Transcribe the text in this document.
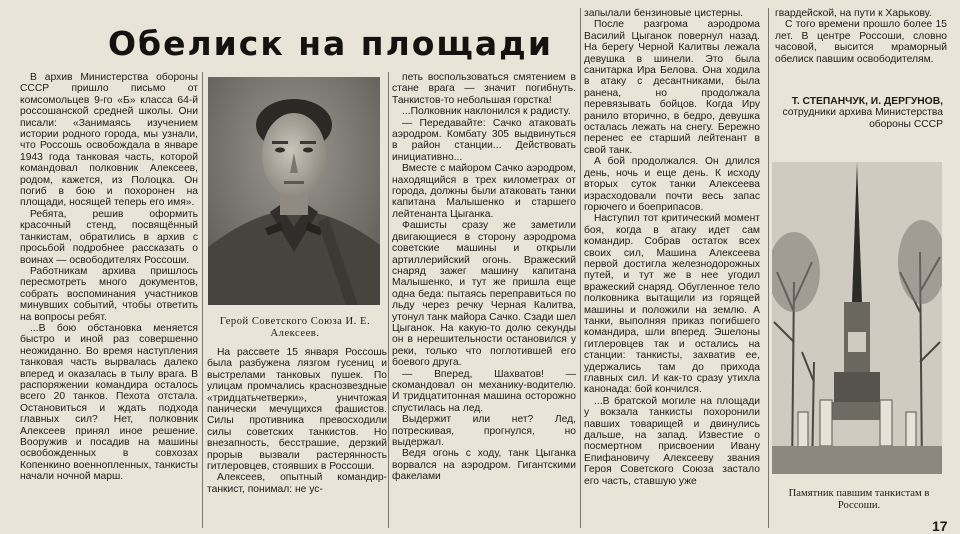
Обелиск на площади

В архив Министерства обороны СССР пришло письмо от комсомольцев 9-го «Б» класса 64-й россошанской средней школы. Они писали: «Занимаясь изучением истории родного города, мы узнали, что Россошь освобождала в январе 1943 года танковая часть, которой командовал полковник Алексеев, родом, кажется, из Полоцка. Он погиб в бою и похоронен на площади, носящей теперь его имя».

Ребята, решив оформить красочный стенд, посвящённый танкистам, обратились в архив с просьбой подробнее рассказать о воинах — освободителях Россоши.

Работникам архива пришлось пересмотреть много документов, собрать воспоминания участников минувших событий, чтобы ответить на вопросы ребят.

...В бою обстановка меняется быстро и иной раз совершенно неожиданно. Во время наступления танковая часть вырвалась далеко вперед и оказалась в тылу врага. В распоряжении командира осталось всего 20 танков. Пехота отстала. Остановиться и ждать подхода главных сил? Нет, полковник Алексеев принял иное решение. Вооружив и посадив на машины освобожденных в совхозах Копенкино военнопленных, танкисты начали ночной марш.

Герой Советского Союза И. Е. Алексеев.

На рассвете 15 января Россошь была разбужена лязгом гусениц и выстрелами танковых пушек. По улицам промчались краснозвездные «тридцатьчетверки», уничтожая панически мечущихся фашистов. Силы противника превосходили силы советских танкистов. Но внезапность, бесстрашие, дерзкий прорыв вызвали растерянность гитлеровцев, стоявших в Россоши.

Алексеев, опытный командир-танкист, понимал: не ус-

петь воспользоваться смятением в стане врага — значит погибнуть. Танкистов-то небольшая горстка!

...Полковник наклонился к радисту.

— Передавайте: Сачко атаковать аэродром. Комбату 305 выдвинуться в район станции... Действовать инициативно...

Вместе с майором Сачко аэродром, находящийся в трех километрах от города, должны были атаковать танки капитана Малышенко и старшего лейтенанта Цыганка.

Фашисты сразу же заметили двигающиеся в сторону аэродрома советские машины и открыли артиллерийский огонь. Вражеский снаряд зажег машину капитана Малышенко, и тут же пришла еще одна беда: пытаясь переправиться по льду через речку Черная Калитва, утонул танк майора Сачко. Сзади шел Цыганок. На какую-то долю секунды он в нерешительности остановился у реки, только что поглотившей его боевого друга.

— Вперед, Шахватов! — скомандовал он механику-водителю. И тридцатитонная машина осторожно спустилась на лед.

Выдержит или нет? Лед, потрескивая, прогнулся, но выдержал.

Ведя огонь с ходу, танк Цыганка ворвался на аэродром. Гигантскими факелами

запылали бензиновые цистерны.

После разгрома аэродрома Василий Цыганок повернул назад. На берегу Черной Калитвы лежала девушка в шинели. Это была санитарка Ира Белова. Она ходила в атаку с десантниками, была ранена, но продолжала перевязывать бойцов. Когда Иру ранило вторично, в бедро, девушка осталась лежать на снегу. Бережно перенес ее старший лейтенант в свой танк.

А бой продолжался. Он длился день, ночь и еще день. К исходу вторых суток танки Алексеева израсходовали почти весь запас горючего и боеприпасов.

Наступил тот критический момент боя, когда в атаку идет сам командир. Собрав остаток всех своих сил, Машина Алексеева первой достигла железнодорожных путей, и тут же в нее угодил вражеский снаряд. Обугленное тело полковника вытащили из горящей машины и положили на землю. А танки, выполняя приказ погибшего командира, шли вперед. Эшелоны гитлеровцев так и остались на станции: танкисты, захватив ее, удержались там до прихода главных сил. И как-то сразу утихла канонада: бой кончился.

...В братской могиле на площади у вокзала танкисты похоронили павших товарищей и двинулись дальше, на запад. Известие о посмертном присвоении Ивану Епифановичу Алексееву звания Героя Советского Союза застало его часть, ставшую уже

гвардейской, на пути к Харькову.

С того времени прошло более 15 лет. В центре Россоши, словно часовой, высится мраморный обелиск павшим освободителям.

Т. СТЕПАНЧУК, И. ДЕРГУНОВ,
сотрудники архива Министерства обороны СССР
Памятник павшим танкистам в Россоши.
17
